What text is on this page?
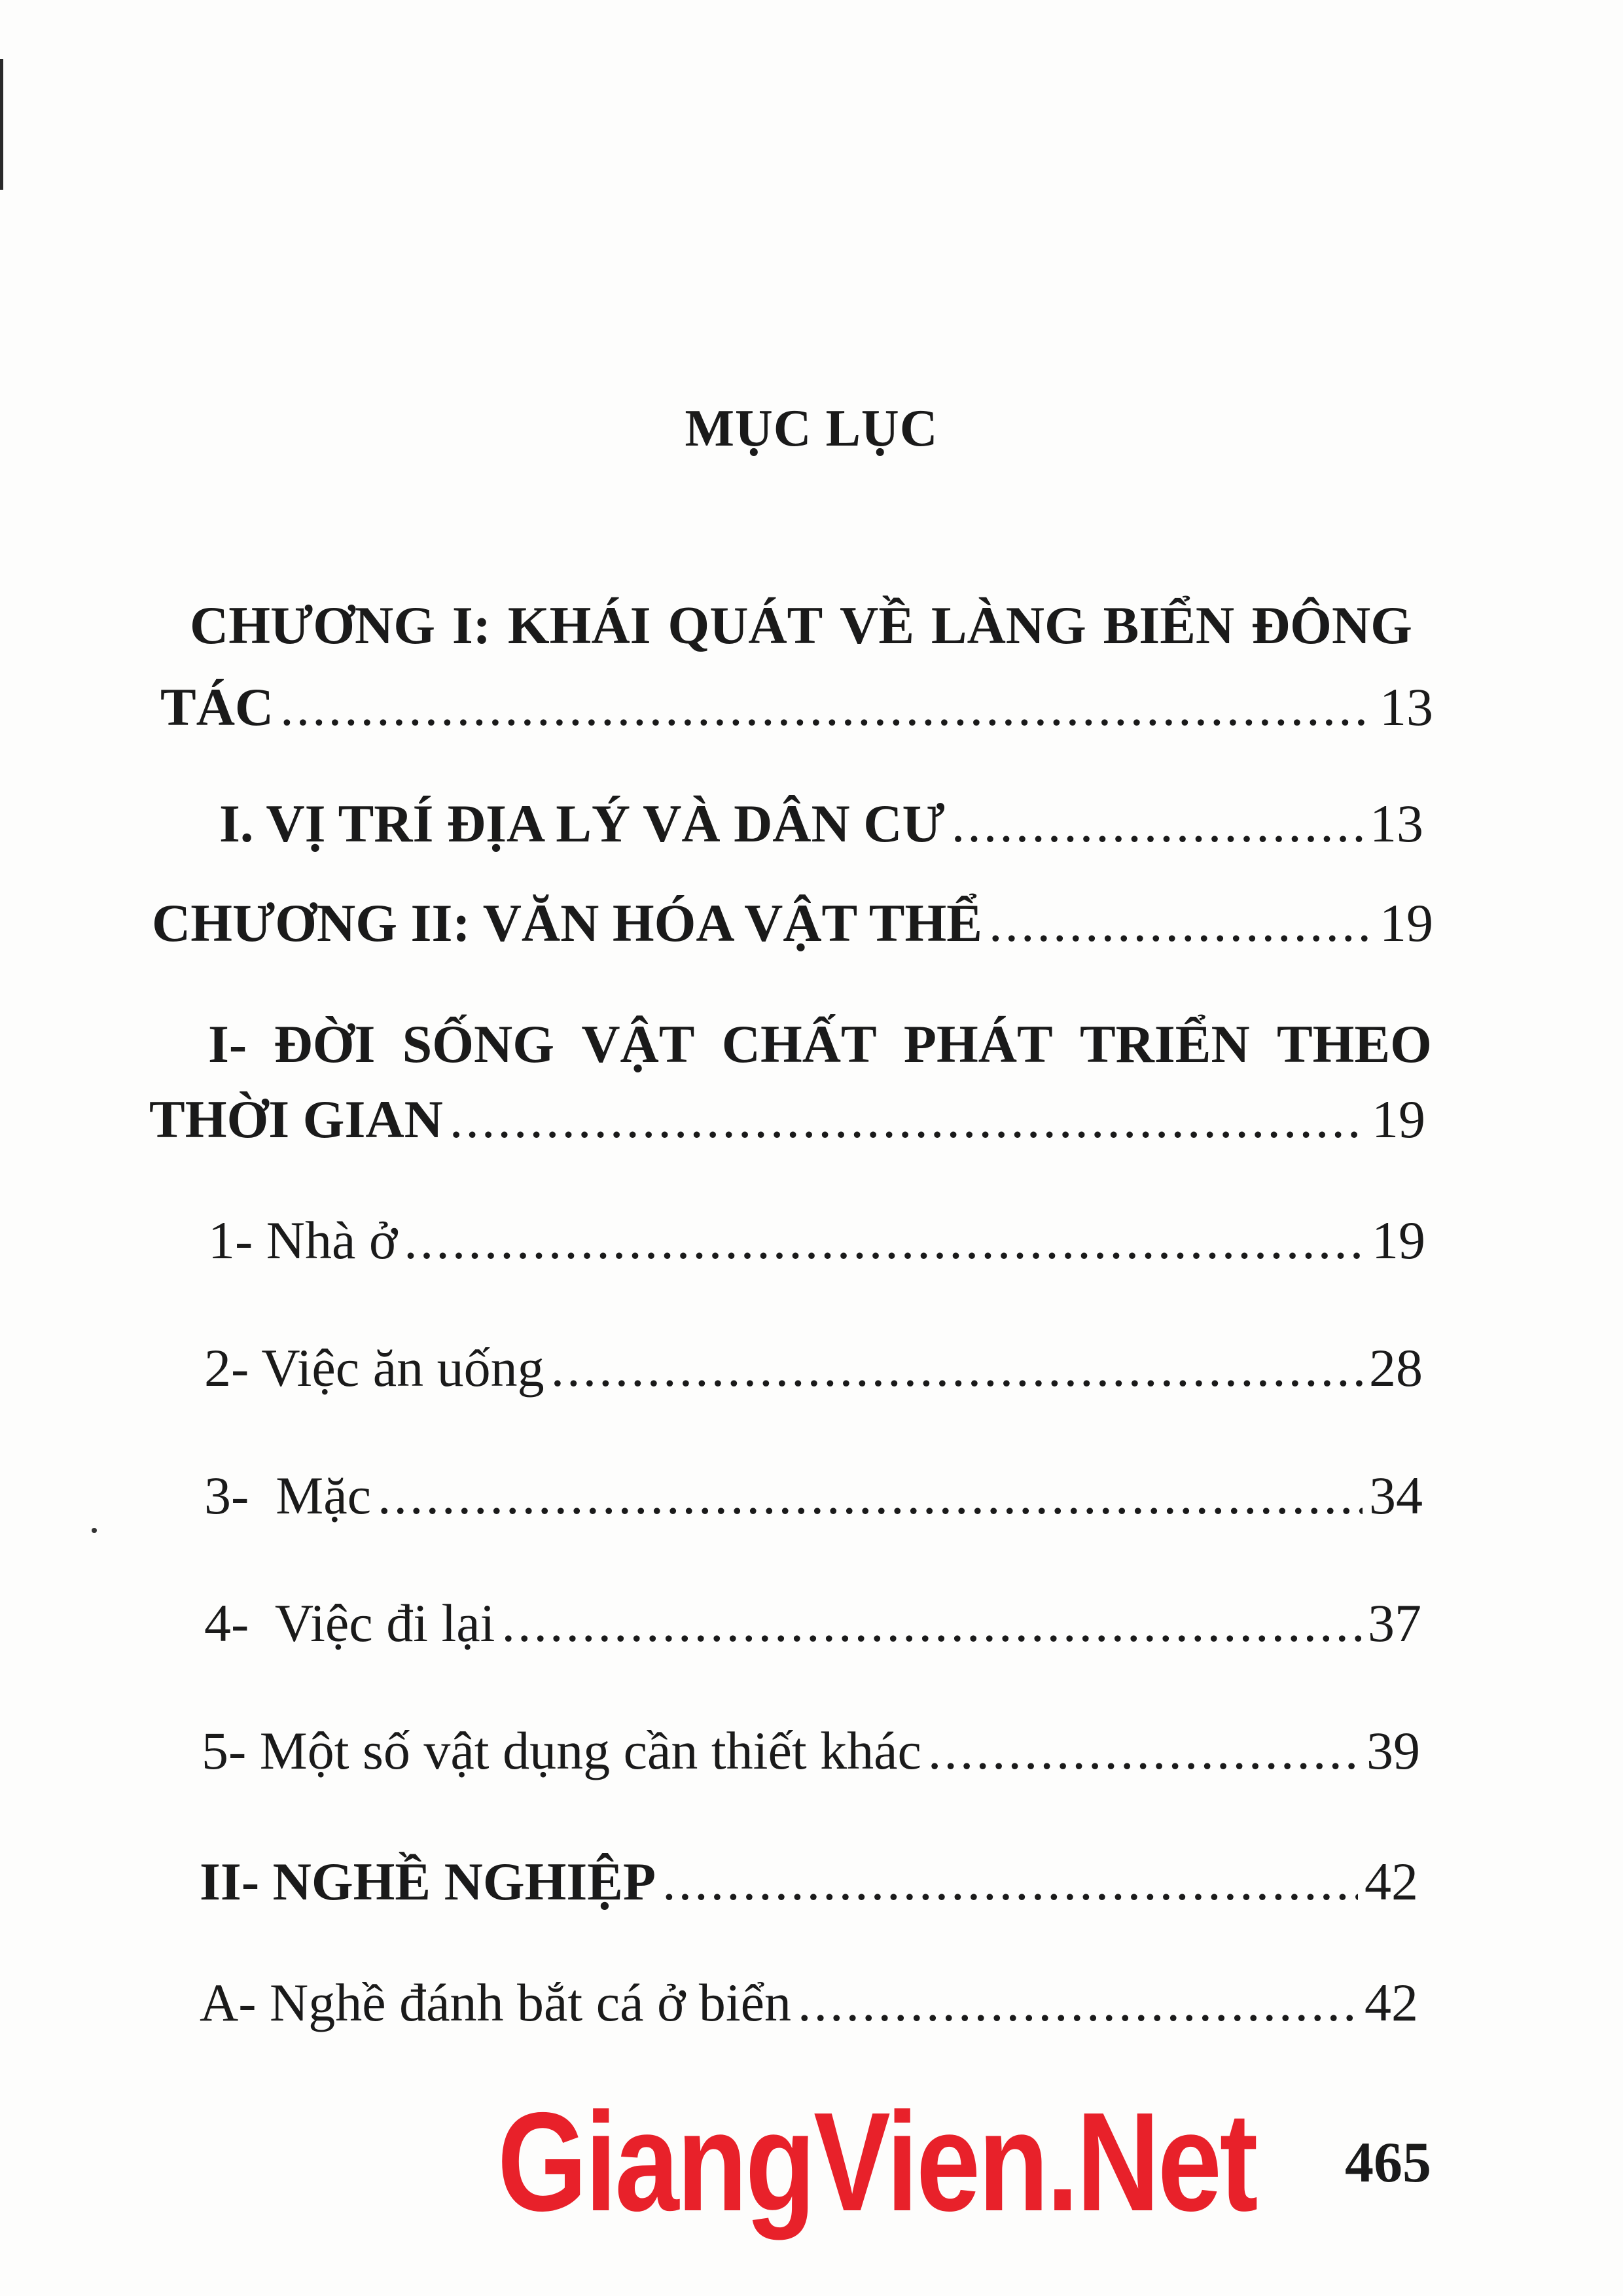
MỤC LỤC
CHƯƠNG I: KHÁI QUÁT VỀ LÀNG BIỂN ĐÔNG
TÁC .....	13
I. VỊ TRÍ ĐỊA LÝ VÀ DÂN CƯ .....	13
CHƯƠNG II: VĂN HÓA VẬT THỂ .....	19
I- ĐỜI SỐNG VẬT CHẤT PHÁT TRIỂN THEO
THỜI GIAN .....	19
1- Nhà ở .....	19
2- Việc ăn uống .....	28
3-  Mặc .....	34
4-  Việc đi lại .....	37
5- Một số vật dụng cần thiết khác .....	39
II- NGHỀ NGHIỆP .....	42
A- Nghề đánh bắt cá ở biển .....	42
GiangVien.Net 465
